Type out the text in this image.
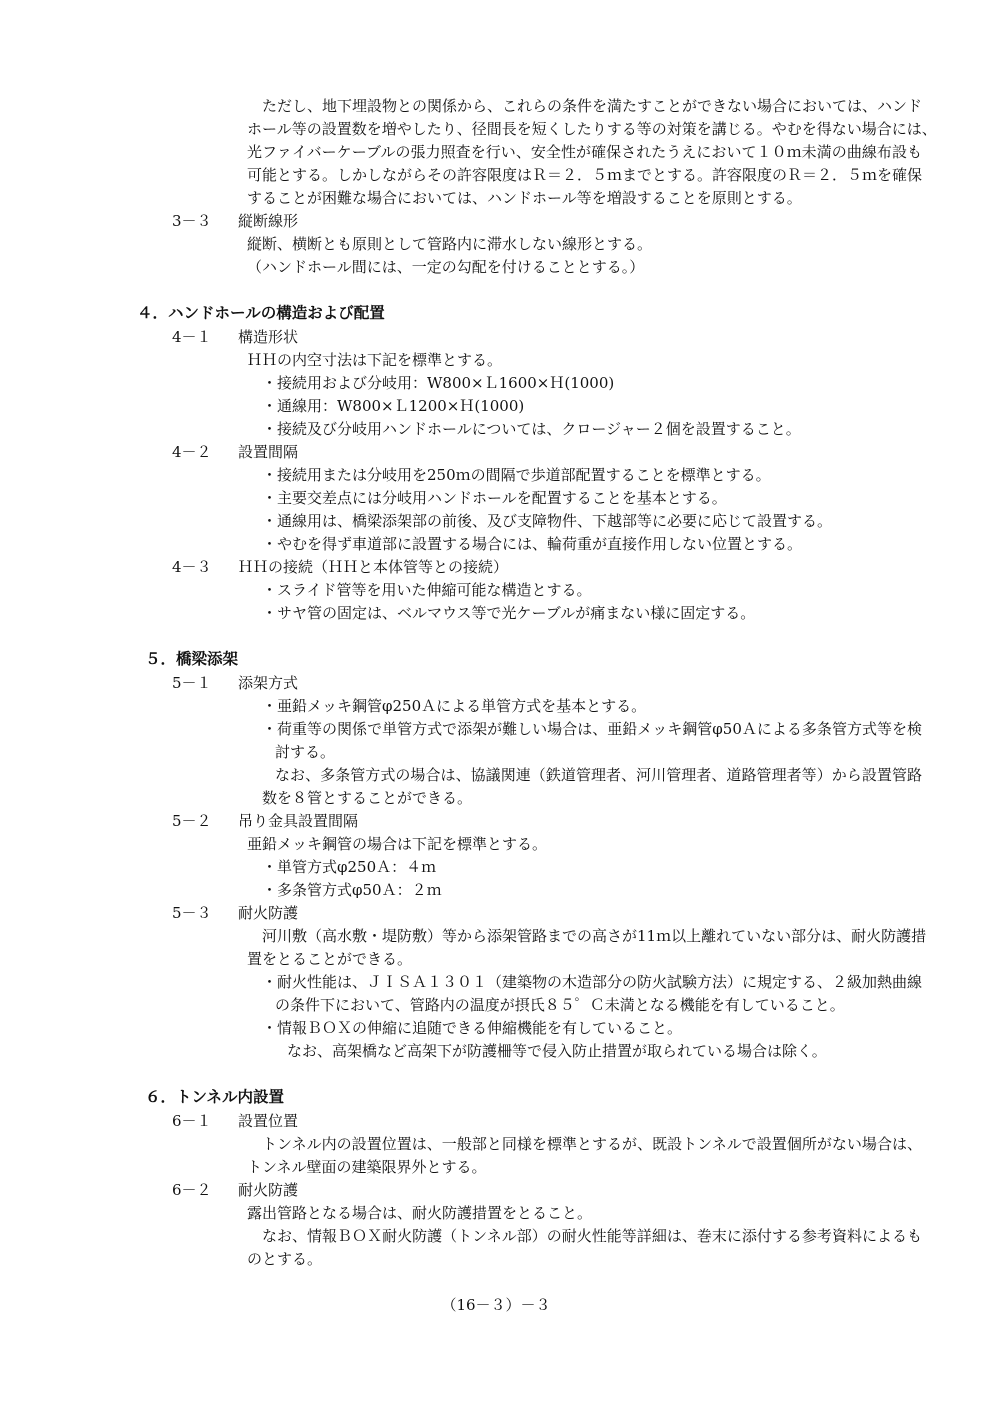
ただし、地下埋設物との関係から、これらの条件を満たすことができない場合においては、ハンド
ホール等の設置数を増やしたり、径間長を短くしたりする等の対策を講じる。やむを得ない場合には、
光ファイバーケーブルの張力照査を行い、安全性が確保されたうえにおいて１０ｍ未満の曲線布設も
可能とする。しかしながらその許容限度はＲ＝２．５ｍまでとする。許容限度のＲ＝２．５ｍを確保
することが困難な場合においては、ハンドホール等を増設することを原則とする。
3－３ 縦断線形
縦断、横断とも原則として管路内に滞水しない線形とする。
（ハンドホール間には、一定の勾配を付けることとする。）
４．ハンドホールの構造および配置
4－１ 構造形状
ＨＨの内空寸法は下記を標準とする。
・接続用および分岐用：W800×Ｌ1600×Ｈ(1000)
・通線用：W800×Ｌ1200×Ｈ(1000)
・接続及び分岐用ハンドホールについては、クロージャー２個を設置すること。
4－２ 設置間隔
・接続用または分岐用を250ｍの間隔で歩道部配置することを標準とする。
・主要交差点には分岐用ハンドホールを配置することを基本とする。
・通線用は、橋梁添架部の前後、及び支障物件、下越部等に必要に応じて設置する。
・やむを得ず車道部に設置する場合には、輪荷重が直接作用しない位置とする。
4－３ ＨＨの接続（ＨＨと本体管等との接続）
・スライド管等を用いた伸縮可能な構造とする。
・サヤ管の固定は、ベルマウス等で光ケーブルが痛まない様に固定する。
５．橋梁添架
5－１ 添架方式
・亜鉛メッキ鋼管φ250Ａによる単管方式を基本とする。
・荷重等の関係で単管方式で添架が難しい場合は、亜鉛メッキ鋼管φ50Ａによる多条管方式等を検
討する。
なお、多条管方式の場合は、協議関連（鉄道管理者、河川管理者、道路管理者等）から設置管路
数を８管とすることができる。
5－２ 吊り金具設置間隔
亜鉛メッキ鋼管の場合は下記を標準とする。
・単管方式φ250Ａ：４ｍ
・多条管方式φ50Ａ：２ｍ
5－３ 耐火防護
河川敷（高水敷・堤防敷）等から添架管路までの高さが11ｍ以上離れていない部分は、耐火防護措
置をとることができる。
・耐火性能は、ＪＩＳＡ１３０１（建築物の木造部分の防火試験方法）に規定する、２級加熱曲線
の条件下において、管路内の温度が摂氏８５゜Ｃ未満となる機能を有していること。
・情報ＢＯＸの伸縮に追随できる伸縮機能を有していること。
なお、高架橋など高架下が防護柵等で侵入防止措置が取られている場合は除く。
６．トンネル内設置
6－１ 設置位置
トンネル内の設置位置は、一般部と同様を標準とするが、既設トンネルで設置個所がない場合は、
トンネル壁面の建築限界外とする。
6－２ 耐火防護
露出管路となる場合は、耐火防護措置をとること。
なお、情報ＢＯＸ耐火防護（トンネル部）の耐火性能等詳細は、巻末に添付する参考資料によるも
のとする。
（16－３）－３
